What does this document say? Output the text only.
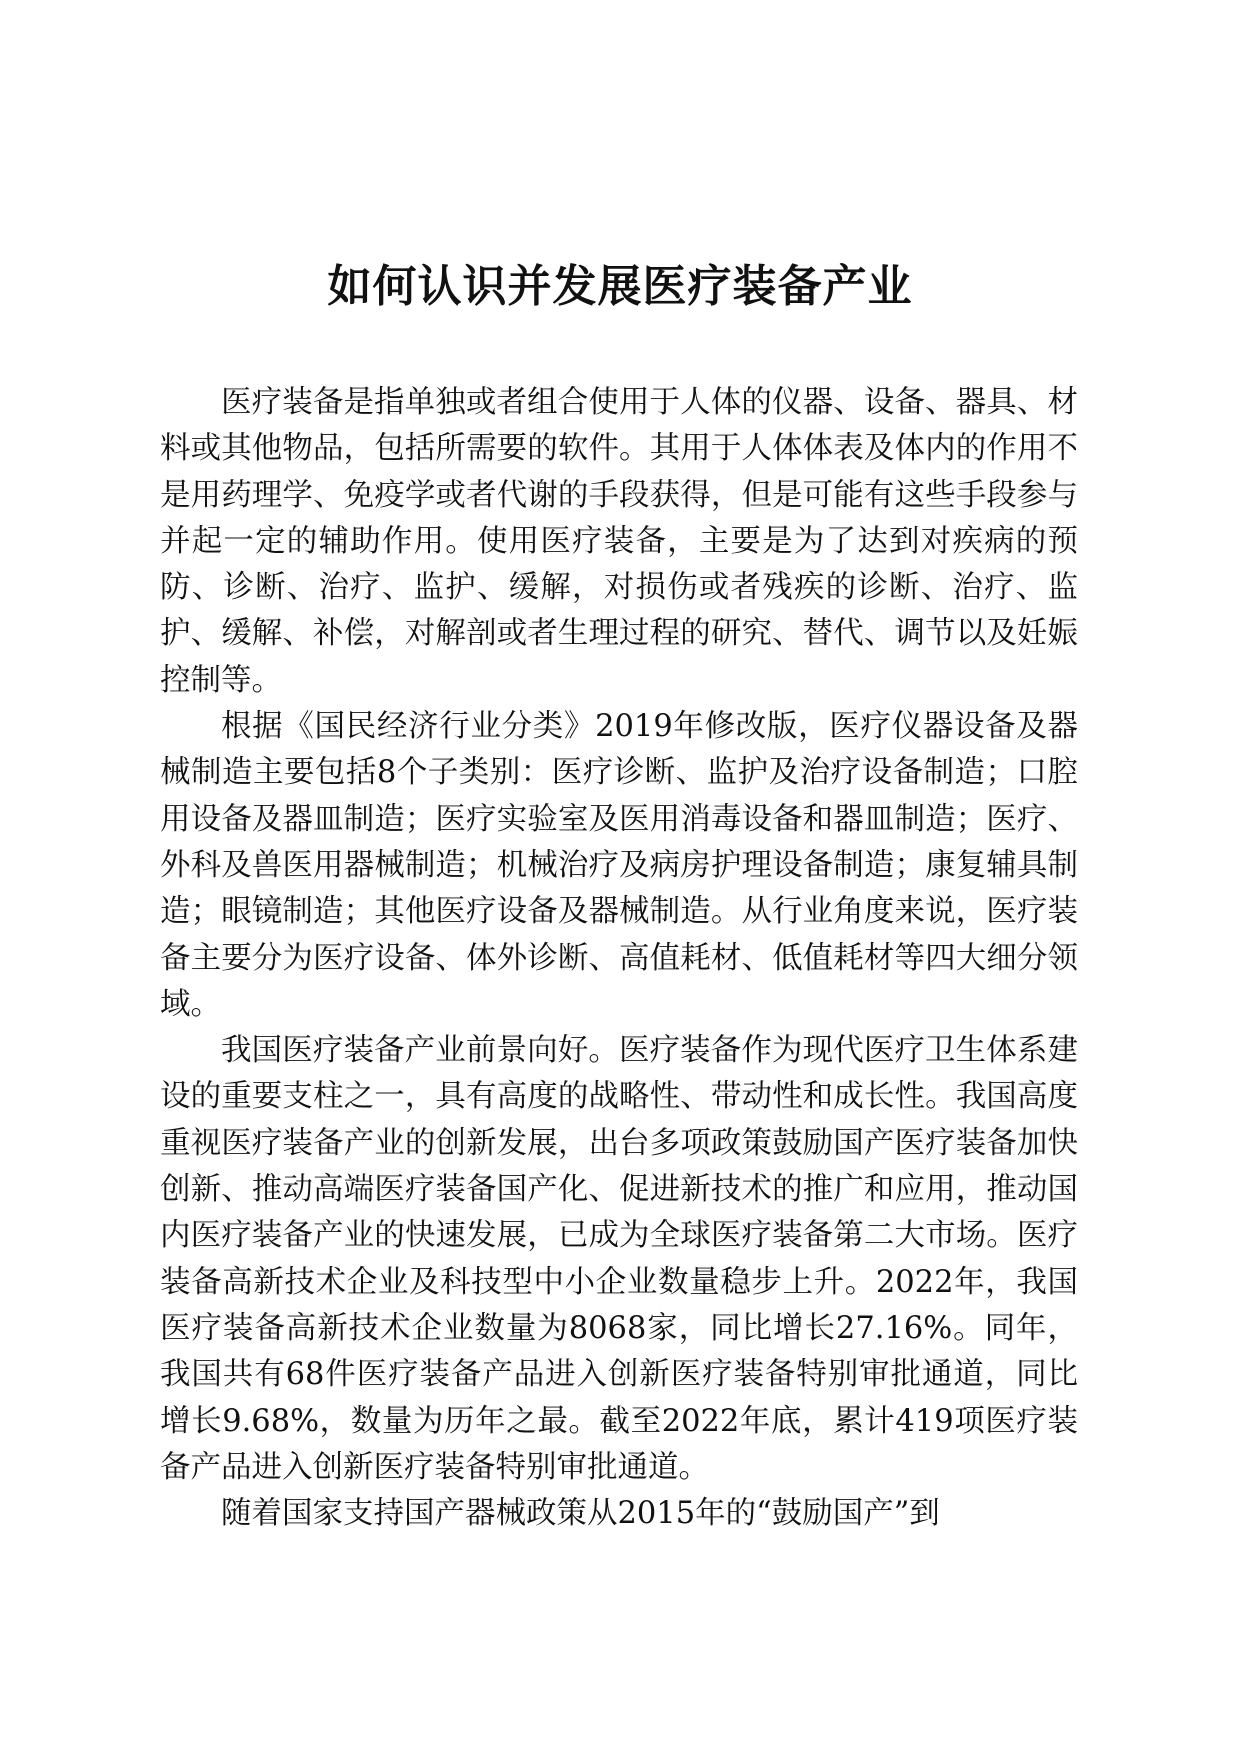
如何认识并发展医疗装备产业

医疗装备是指单独或者组合使用于人体的仪器、设备、器具、材料或其他物品，包括所需要的软件。其用于人体体表及体内的作用不是用药理学、免疫学或者代谢的手段获得，但是可能有这些手段参与并起一定的辅助作用。使用医疗装备，主要是为了达到对疾病的预防、诊断、治疗、监护、缓解，对损伤或者残疾的诊断、治疗、监护、缓解、补偿，对解剖或者生理过程的研究、替代、调节以及妊娠控制等。

根据《国民经济行业分类》2019年修改版，医疗仪器设备及器械制造主要包括8个子类别：医疗诊断、监护及治疗设备制造；口腔用设备及器皿制造；医疗实验室及医用消毒设备和器皿制造；医疗、外科及兽医用器械制造；机械治疗及病房护理设备制造；康复辅具制造；眼镜制造；其他医疗设备及器械制造。从行业角度来说，医疗装备主要分为医疗设备、体外诊断、高值耗材、低值耗材等四大细分领域。

我国医疗装备产业前景向好。医疗装备作为现代医疗卫生体系建设的重要支柱之一，具有高度的战略性、带动性和成长性。我国高度重视医疗装备产业的创新发展，出台多项政策鼓励国产医疗装备加快创新、推动高端医疗装备国产化、促进新技术的推广和应用，推动国内医疗装备产业的快速发展，已成为全球医疗装备第二大市场。医疗装备高新技术企业及科技型中小企业数量稳步上升。2022年，我国医疗装备高新技术企业数量为8068家，同比增长27.16%。同年，我国共有68件医疗装备产品进入创新医疗装备特别审批通道，同比增长9.68%，数量为历年之最。截至2022年底，累计419项医疗装备产品进入创新医疗装备特别审批通道。

随着国家支持国产器械政策从2015年的“鼓励国产”到
